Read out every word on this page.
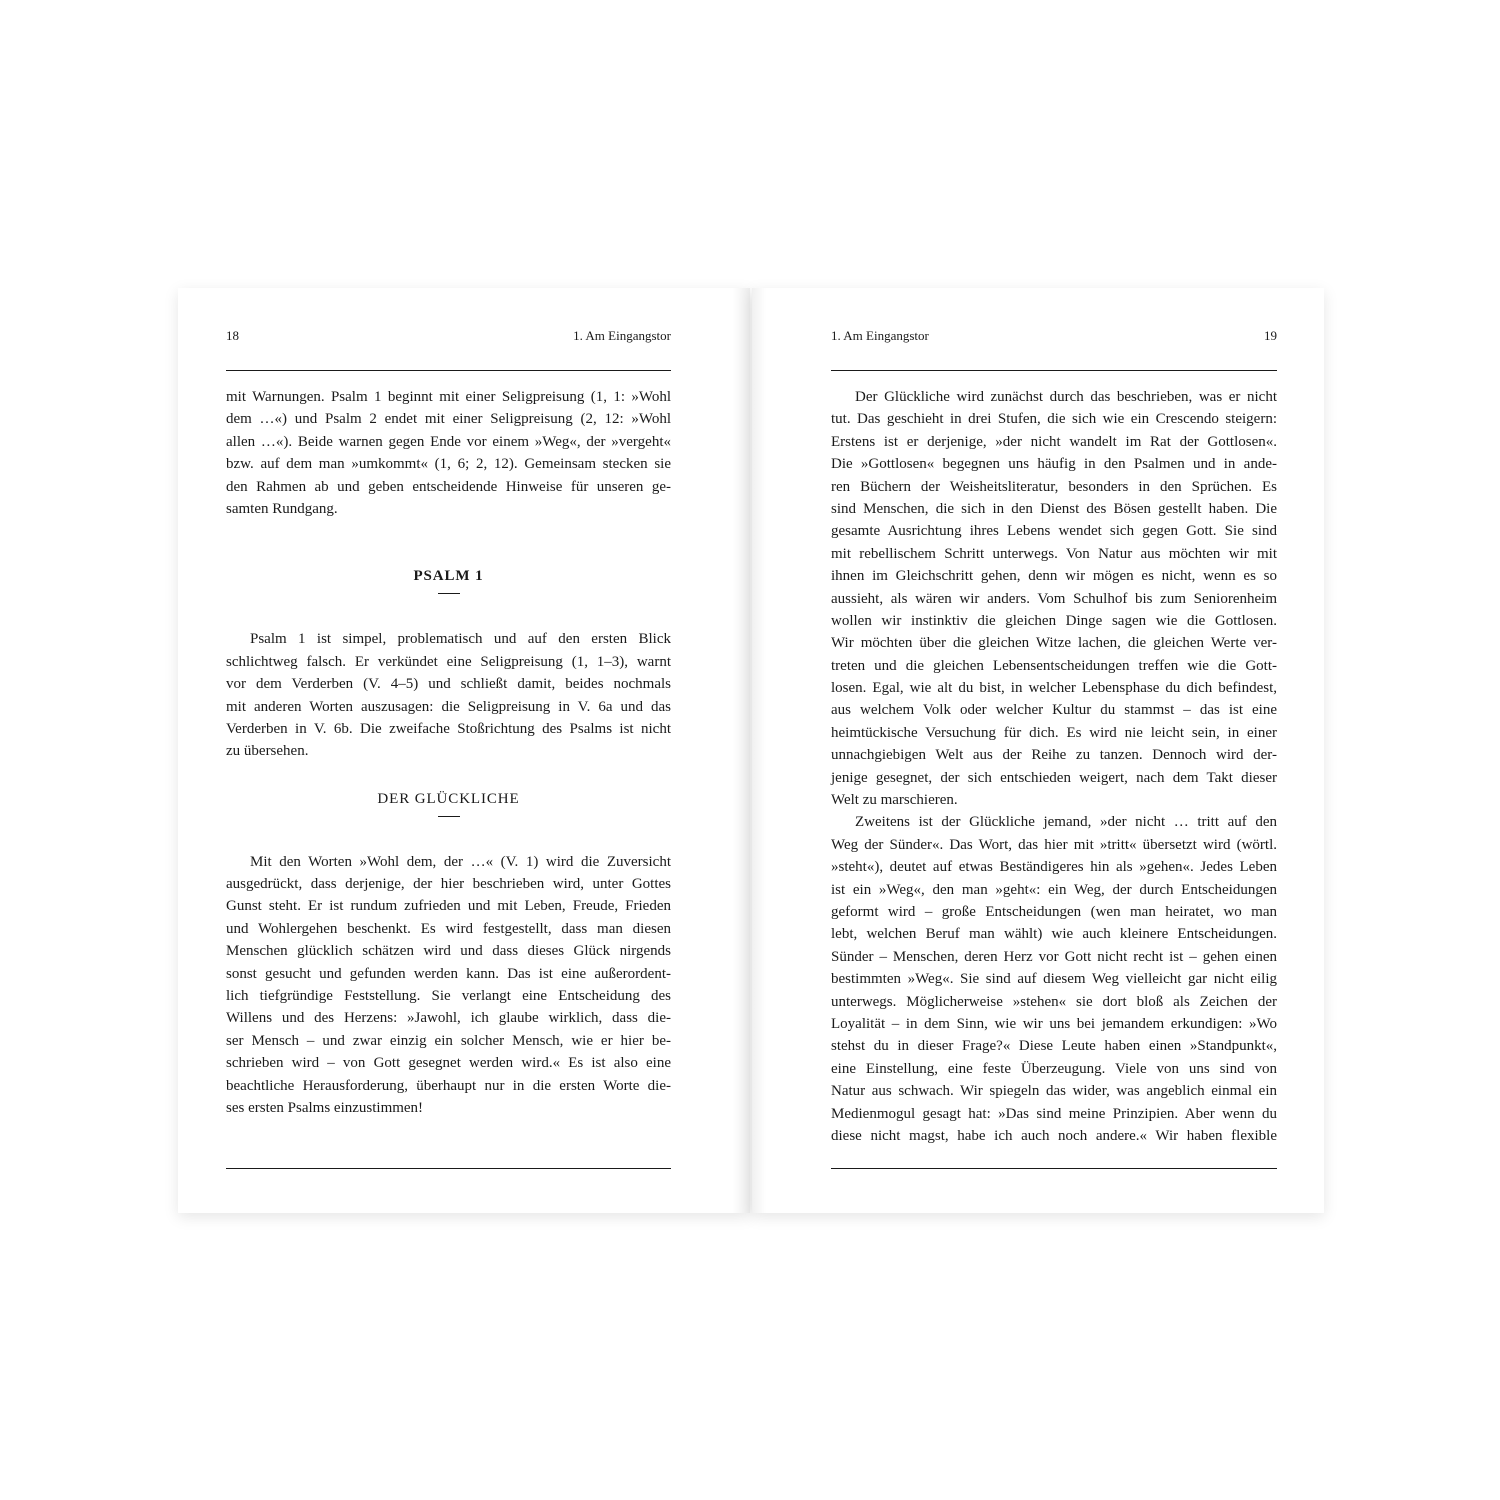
18	1. Am Eingangstor
mit Warnungen. Psalm 1 beginnt mit einer Seligpreisung (1, 1: »Wohl
dem …«) und Psalm 2 endet mit einer Seligpreisung (2, 12: »Wohl
allen …«). Beide warnen gegen Ende vor einem »Weg«, der »vergeht«
bzw. auf dem man »umkommt« (1, 6; 2, 12). Gemeinsam stecken sie
den Rahmen ab und geben entscheidende Hinweise für unseren ge-
samten Rundgang.
PSALM 1
Psalm 1 ist simpel, problematisch und auf den ersten Blick
schlichtweg falsch. Er verkündet eine Seligpreisung (1, 1–3), warnt
vor dem Verderben (V. 4–5) und schließt damit, beides nochmals
mit anderen Worten auszusagen: die Seligpreisung in V. 6a und das
Verderben in V. 6b. Die zweifache Stoßrichtung des Psalms ist nicht
zu übersehen.
DER GLÜCKLICHE
Mit den Worten »Wohl dem, der …« (V. 1) wird die Zuversicht
ausgedrückt, dass derjenige, der hier beschrieben wird, unter Gottes
Gunst steht. Er ist rundum zufrieden und mit Leben, Freude, Frieden
und Wohlergehen beschenkt. Es wird festgestellt, dass man diesen
Menschen glücklich schätzen wird und dass dieses Glück nirgends
sonst gesucht und gefunden werden kann. Das ist eine außerordent-
lich tiefgründige Feststellung. Sie verlangt eine Entscheidung des
Willens und des Herzens: »Jawohl, ich glaube wirklich, dass die-
ser Mensch – und zwar einzig ein solcher Mensch, wie er hier be-
schrieben wird – von Gott gesegnet werden wird.« Es ist also eine
beachtliche Herausforderung, überhaupt nur in die ersten Worte die-
ses ersten Psalms einzustimmen!
1. Am Eingangstor	19
Der Glückliche wird zunächst durch das beschrieben, was er nicht
tut. Das geschieht in drei Stufen, die sich wie ein Crescendo steigern:
Erstens ist er derjenige, »der nicht wandelt im Rat der Gottlosen«.
Die »Gottlosen« begegnen uns häufig in den Psalmen und in ande-
ren Büchern der Weisheitsliteratur, besonders in den Sprüchen. Es
sind Menschen, die sich in den Dienst des Bösen gestellt haben. Die
gesamte Ausrichtung ihres Lebens wendet sich gegen Gott. Sie sind
mit rebellischem Schritt unterwegs. Von Natur aus möchten wir mit
ihnen im Gleichschritt gehen, denn wir mögen es nicht, wenn es so
aussieht, als wären wir anders. Vom Schulhof bis zum Seniorenheim
wollen wir instinktiv die gleichen Dinge sagen wie die Gottlosen.
Wir möchten über die gleichen Witze lachen, die gleichen Werte ver-
treten und die gleichen Lebensentscheidungen treffen wie die Gott-
losen. Egal, wie alt du bist, in welcher Lebensphase du dich befindest,
aus welchem Volk oder welcher Kultur du stammst – das ist eine
heimtückische Versuchung für dich. Es wird nie leicht sein, in einer
unnachgiebigen Welt aus der Reihe zu tanzen. Dennoch wird der-
jenige gesegnet, der sich entschieden weigert, nach dem Takt dieser
Welt zu marschieren.
Zweitens ist der Glückliche jemand, »der nicht … tritt auf den
Weg der Sünder«. Das Wort, das hier mit »tritt« übersetzt wird (wörtl.
»steht«), deutet auf etwas Beständigeres hin als »gehen«. Jedes Leben
ist ein »Weg«, den man »geht«: ein Weg, der durch Entscheidungen
geformt wird – große Entscheidungen (wen man heiratet, wo man
lebt, welchen Beruf man wählt) wie auch kleinere Entscheidungen.
Sünder – Menschen, deren Herz vor Gott nicht recht ist – gehen einen
bestimmten »Weg«. Sie sind auf diesem Weg vielleicht gar nicht eilig
unterwegs. Möglicherweise »stehen« sie dort bloß als Zeichen der
Loyalität – in dem Sinn, wie wir uns bei jemandem erkundigen: »Wo
stehst du in dieser Frage?« Diese Leute haben einen »Standpunkt«,
eine Einstellung, eine feste Überzeugung. Viele von uns sind von
Natur aus schwach. Wir spiegeln das wider, was angeblich einmal ein
Medienmogul gesagt hat: »Das sind meine Prinzipien. Aber wenn du
diese nicht magst, habe ich auch noch andere.« Wir haben flexible
